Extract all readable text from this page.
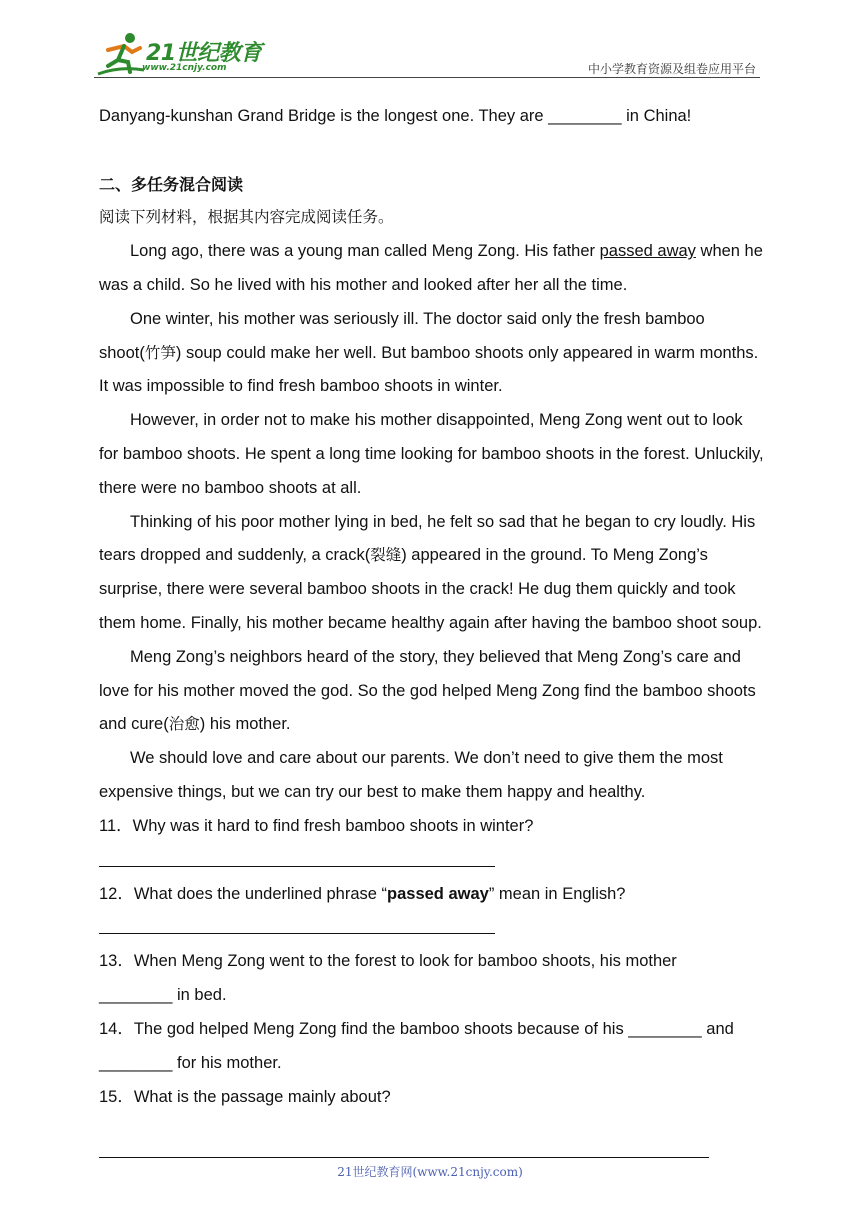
21世纪教育
www.21cnjy.com	中小学教育资源及组卷应用平台

Danyang-kunshan Grand Bridge is the longest one. They are ________ in China!

二、多任务混合阅读

阅读下列材料，根据其内容完成阅读任务。

Long ago, there was a young man called Meng Zong. His father passed away when he was a child. So he lived with his mother and looked after her all the time.

One winter, his mother was seriously ill. The doctor said only the fresh bamboo shoot(竹笋) soup could make her well. But bamboo shoots only appeared in warm months. It was impossible to find fresh bamboo shoots in winter.

However, in order not to make his mother disappointed, Meng Zong went out to look for bamboo shoots. He spent a long time looking for bamboo shoots in the forest. Unluckily, there were no bamboo shoots at all.

Thinking of his poor mother lying in bed, he felt so sad that he began to cry loudly. His tears dropped and suddenly, a crack(裂缝) appeared in the ground. To Meng Zong’s surprise, there were several bamboo shoots in the crack! He dug them quickly and took them home. Finally, his mother became healthy again after having the bamboo shoot soup.

Meng Zong’s neighbors heard of the story, they believed that Meng Zong’s care and love for his mother moved the god. So the god helped Meng Zong find the bamboo shoots and cure(治愈) his mother.

We should love and care about our parents. We don’t need to give them the most expensive things, but we can try our best to make them happy and healthy.

11．Why was it hard to find fresh bamboo shoots in winter?

12．What does the underlined phrase “passed away” mean in English?

13．When Meng Zong went to the forest to look for bamboo shoots, his mother

________ in bed.

14．The god helped Meng Zong find the bamboo shoots because of his ________ and

________ for his mother.

15．What is the passage mainly about?

21世纪教育网(www.21cnjy.com)
